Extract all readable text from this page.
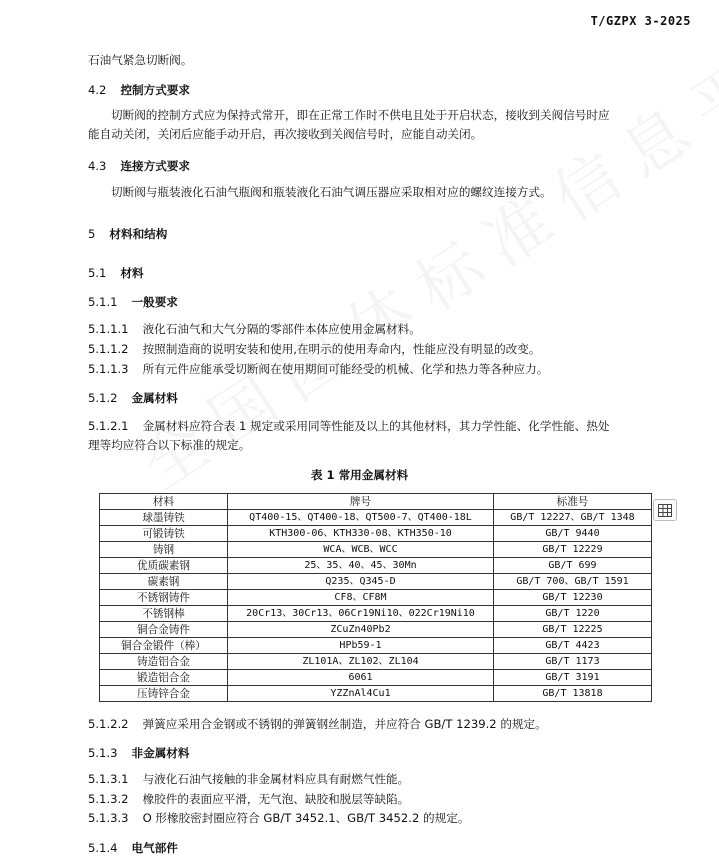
T/GZPX 3-2025
石油气紧急切断阀。
4.2 控制方式要求
切断阀的控制方式应为保持式常开，即在正常工作时不供电且处于开启状态，接收到关阀信号时应
能自动关闭，关闭后应能手动开启，再次接收到关阀信号时，应能自动关闭。
4.3 连接方式要求
切断阀与瓶装液化石油气瓶阀和瓶装液化石油气调压器应采取相对应的螺纹连接方式。
5 材料和结构
5.1 材料
5.1.1 一般要求
5.1.1.1 液化石油气和大气分隔的零部件本体应使用金属材料。
5.1.1.2 按照制造商的说明安装和使用,在明示的使用寿命内，性能应没有明显的改变。
5.1.1.3 所有元件应能承受切断阀在使用期间可能经受的机械、化学和热力等各种应力。
5.1.2 金属材料
5.1.2.1 金属材料应符合表 1 规定或采用同等性能及以上的其他材料，其力学性能、化学性能、热处
理等均应符合以下标准的规定。
表 1 常用金属材料
材料	牌号	标准号
球墨铸铁	QT400-15、QT400-18、QT500-7、QT400-18L	GB/T 12227、GB/T 1348
可锻铸铁	KTH300-06、KTH330-08、KTH350-10	GB/T 9440
铸钢	WCA、WCB、WCC	GB/T 12229
优质碳素钢	25、35、40、45、30Mn	GB/T 699
碳素钢	Q235、Q345-D	GB/T 700、GB/T 1591
不锈钢铸件	CF8、CF8M	GB/T 12230
不锈钢棒	20Cr13、30Cr13、06Cr19Ni10、022Cr19Ni10	GB/T 1220
铜合金铸件	ZCuZn40Pb2	GB/T 12225
铜合金锻件（棒）	HPb59-1	GB/T 4423
铸造铝合金	ZL101A、ZL102、ZL104	GB/T 1173
锻造铝合金	6061	GB/T 3191
压铸锌合金	YZZnAl4Cu1	GB/T 13818
5.1.2.2 弹簧应采用合金钢或不锈钢的弹簧钢丝制造，并应符合 GB/T 1239.2 的规定。
5.1.3 非金属材料
5.1.3.1 与液化石油气接触的非金属材料应具有耐燃气性能。
5.1.3.2 橡胶件的表面应平滑，无气泡、缺胶和脱层等缺陷。
5.1.3.3 O 形橡胶密封圈应符合 GB/T 3452.1、GB/T 3452.2 的规定。
5.1.4 电气部件
